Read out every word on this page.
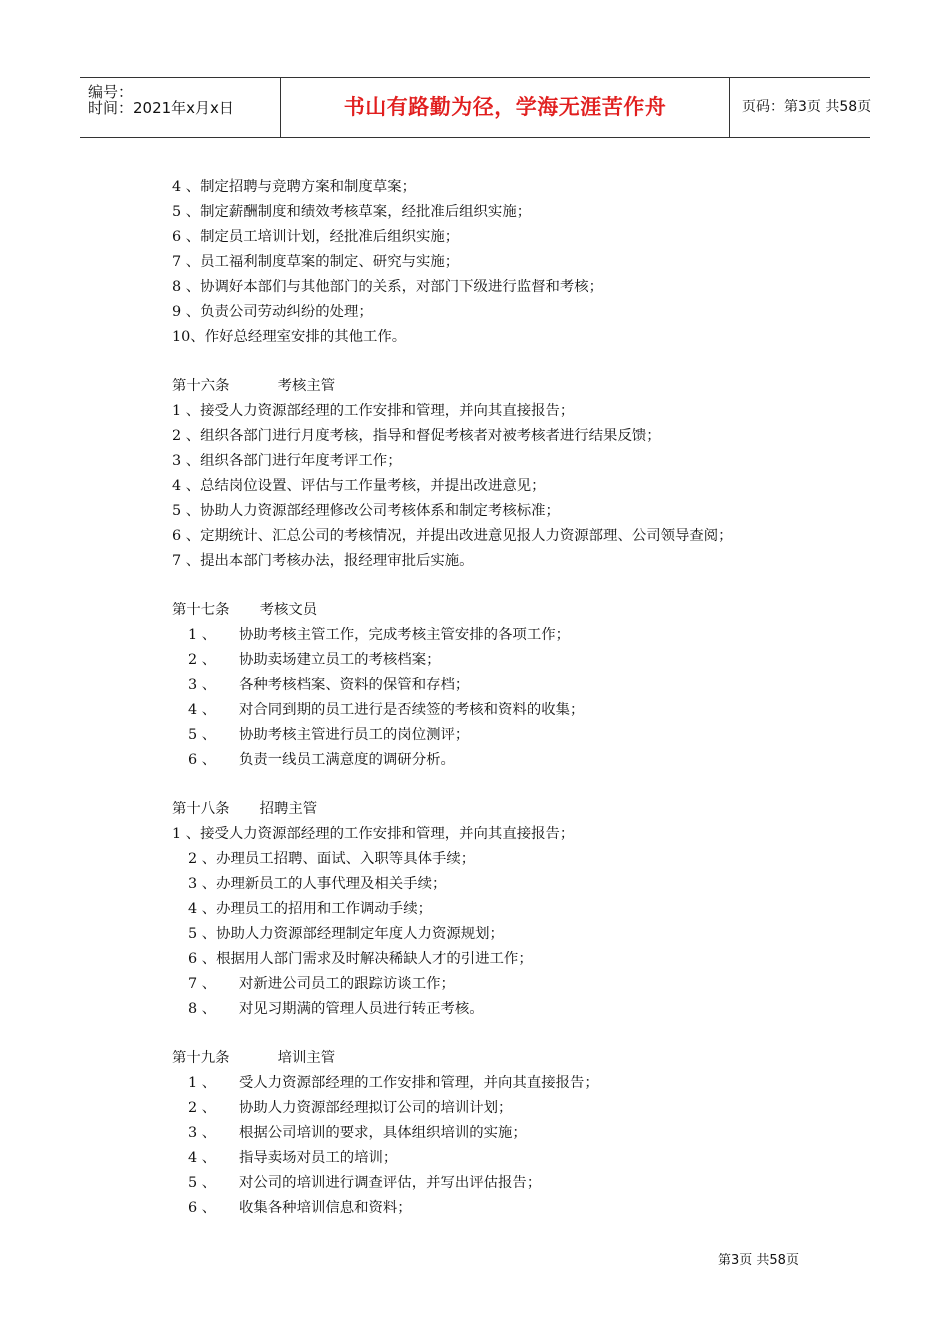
编号：
时间：2021年x月x日	书山有路勤为径，学海无涯苦作舟	页码：第3页 共58页
4 、制定招聘与竞聘方案和制度草案；
5 、制定薪酬制度和绩效考核草案，经批准后组织实施；
6 、制定员工培训计划，经批准后组织实施；
7 、员工福利制度草案的制定、研究与实施；
8 、协调好本部们与其他部门的关系，对部门下级进行监督和考核；
9 、负责公司劳动纠纷的处理；
10、作好总经理室安排的其他工作。
第十六条	考核主管
1 、接受人力资源部经理的工作安排和管理，并向其直接报告；
2 、组织各部门进行月度考核，指导和督促考核者对被考核者进行结果反馈；
3 、组织各部门进行年度考评工作；
4 、总结岗位设置、评估与工作量考核，并提出改进意见；
5 、协助人力资源部经理修改公司考核体系和制定考核标准；
6 、定期统计、汇总公司的考核情况，并提出改进意见报人力资源部理、公司领导查阅；
7 、提出本部门考核办法，报经理审批后实施。
第十七条 考核文员
1 、 协助考核主管工作，完成考核主管安排的各项工作；
2 、 协助卖场建立员工的考核档案；
3 、 各种考核档案、资料的保管和存档；
4 、 对合同到期的员工进行是否续签的考核和资料的收集；
5 、 协助考核主管进行员工的岗位测评；
6 、 负责一线员工满意度的调研分析。
第十八条 招聘主管
1 、接受人力资源部经理的工作安排和管理，并向其直接报告；
2 、办理员工招聘、面试、入职等具体手续；
3 、办理新员工的人事代理及相关手续；
4 、办理员工的招用和工作调动手续；
5 、协助人力资源部经理制定年度人力资源规划；
6 、根据用人部门需求及时解决稀缺人才的引进工作；
7 、 对新进公司员工的跟踪访谈工作；
8 、 对见习期满的管理人员进行转正考核。
第十九条	培训主管
1 、 受人力资源部经理的工作安排和管理，并向其直接报告；
2 、 协助人力资源部经理拟订公司的培训计划；
3 、 根据公司培训的要求，具体组织培训的实施；
4 、 指导卖场对员工的培训；
5 、 对公司的培训进行调查评估，并写出评估报告；
6 、 收集各种培训信息和资料；
第3页 共58页
